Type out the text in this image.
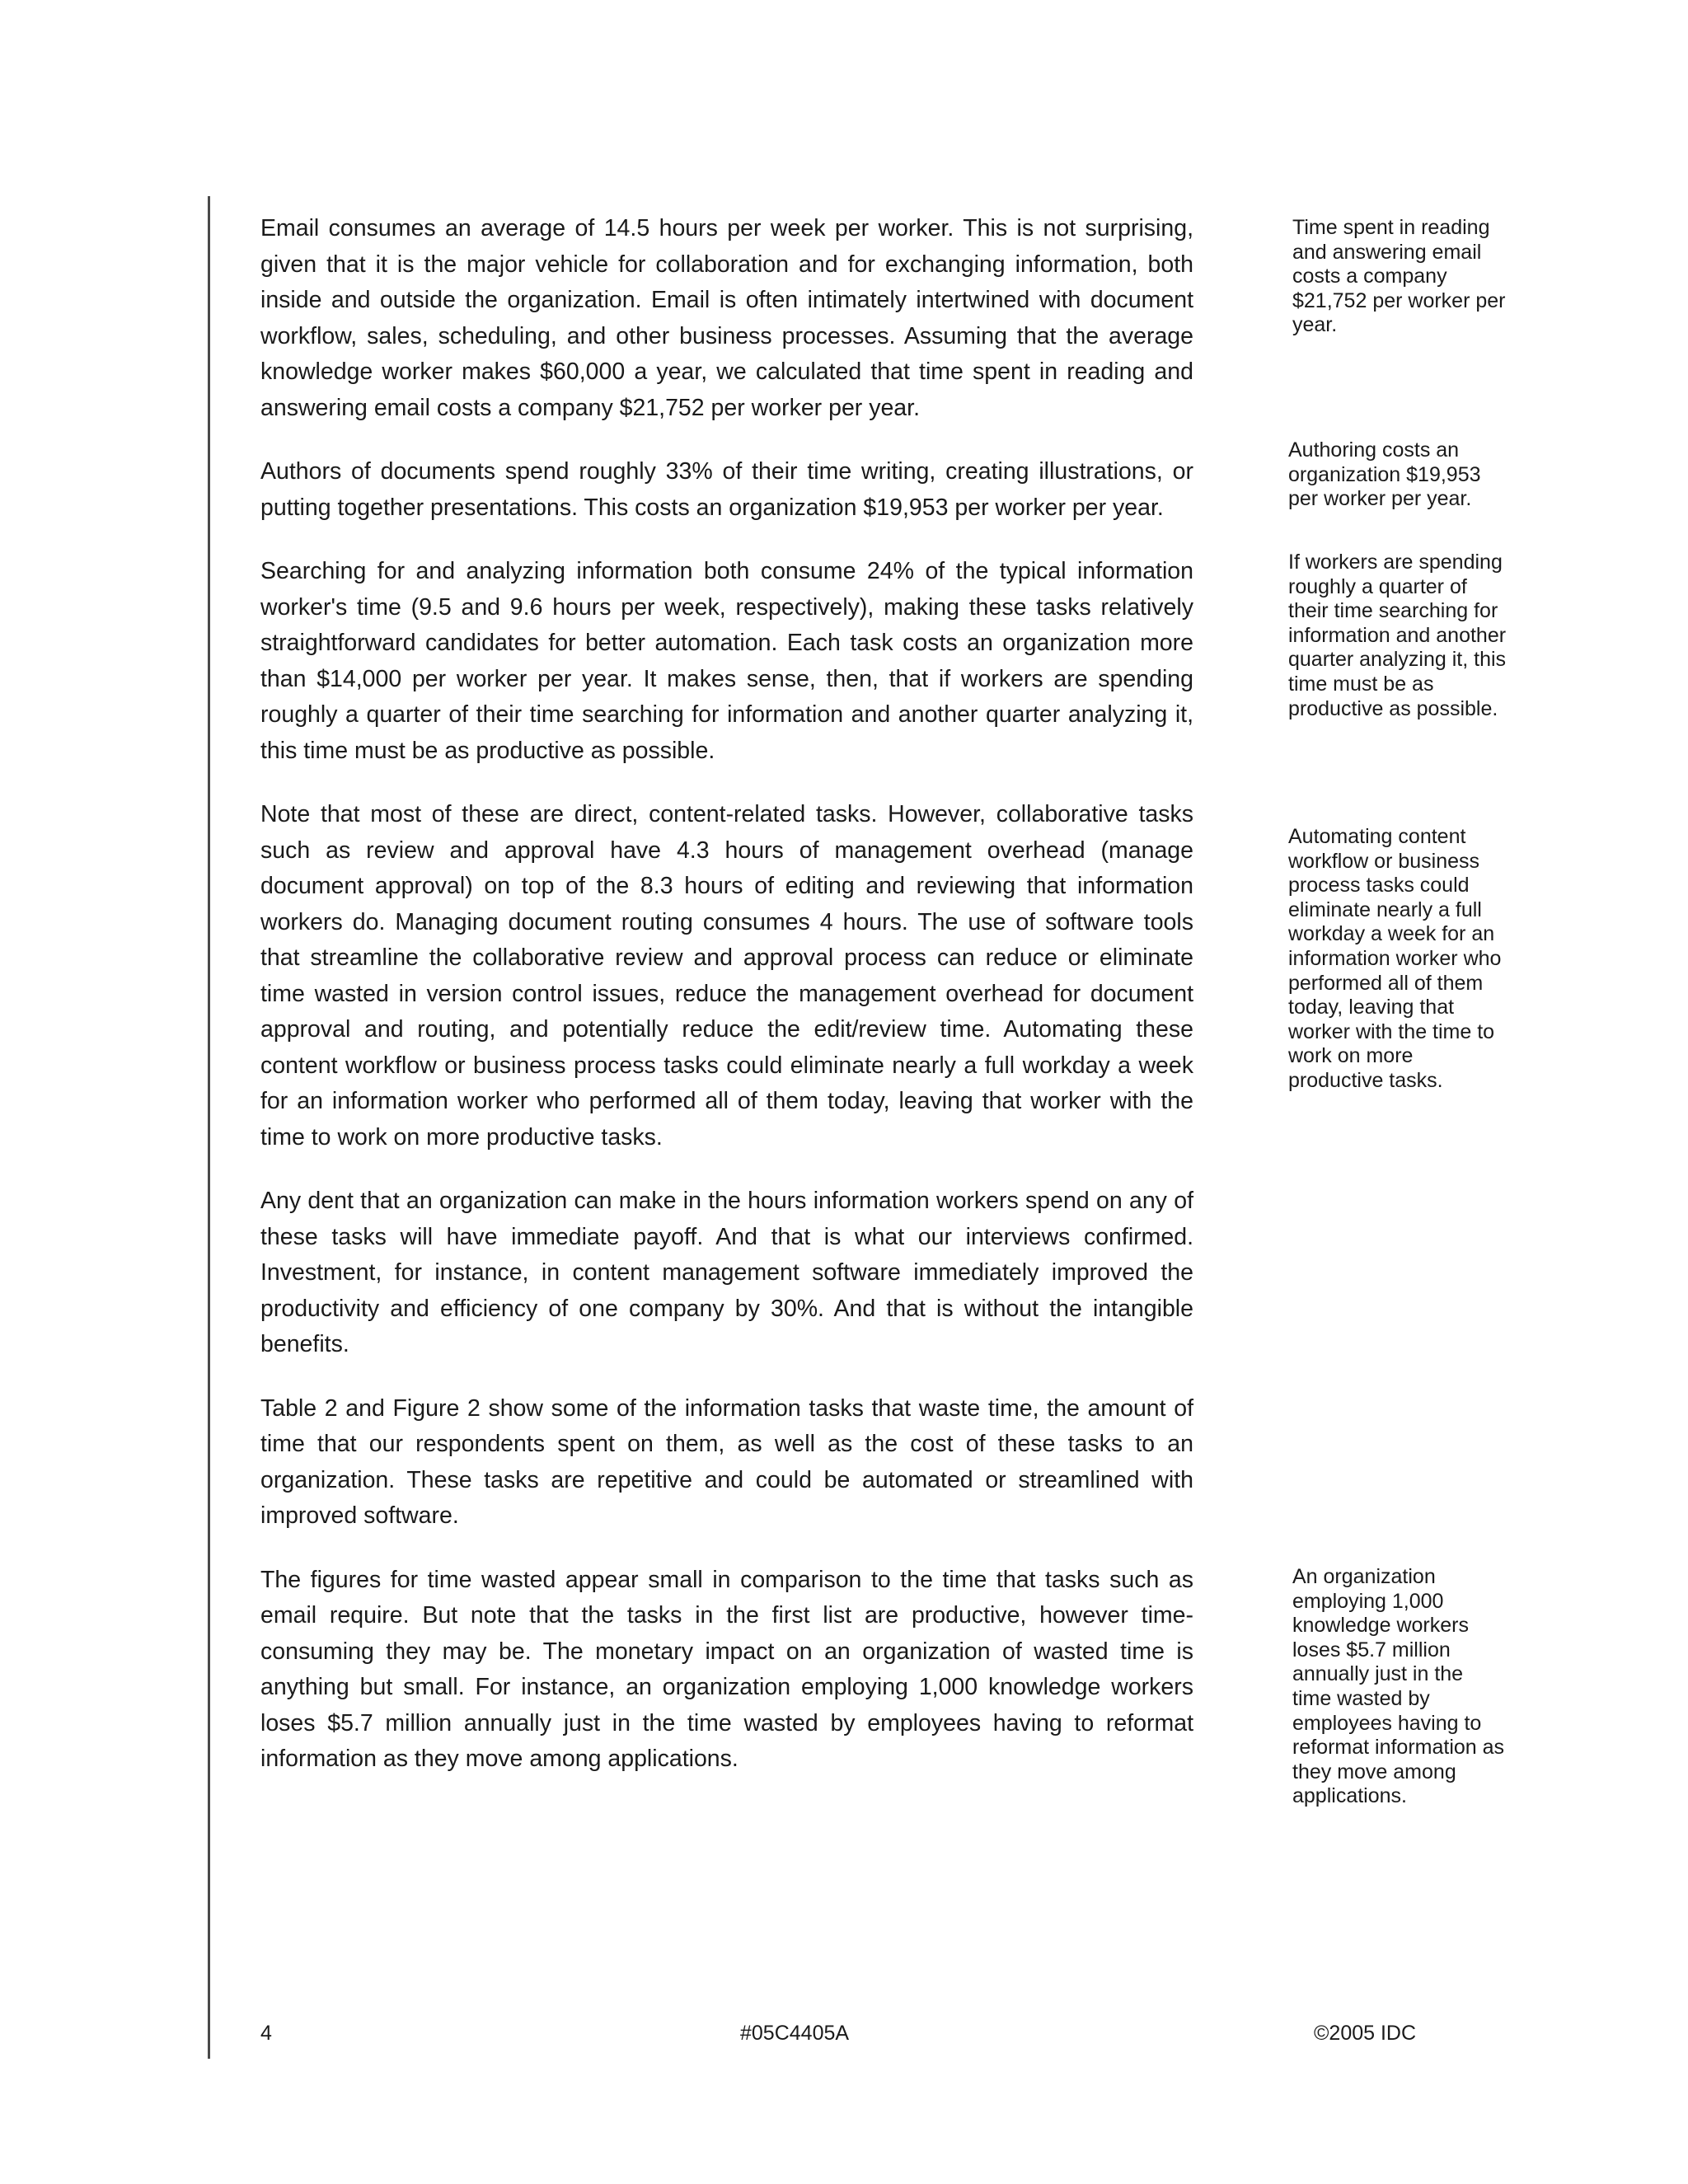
Email consumes an average of 14.5 hours per week per worker. This is not surprising, given that it is the major vehicle for collaboration and for exchanging information, both inside and outside the organization. Email is often intimately intertwined with document workflow, sales, scheduling, and other business processes. Assuming that the average knowledge worker makes $60,000 a year, we calculated that time spent in reading and answering email costs a company $21,752 per worker per year.

Authors of documents spend roughly 33% of their time writing, creating illustrations, or putting together presentations. This costs an organization $19,953 per worker per year.

Searching for and analyzing information both consume 24% of the typical information worker's time (9.5 and 9.6 hours per week, respectively), making these tasks relatively straightforward candidates for better automation. Each task costs an organization more than $14,000 per worker per year. It makes sense, then, that if workers are spending roughly a quarter of their time searching for information and another quarter analyzing it, this time must be as productive as possible.

Note that most of these are direct, content-related tasks. However, collaborative tasks such as review and approval have 4.3 hours of management overhead (manage document approval) on top of the 8.3 hours of editing and reviewing that information workers do. Managing document routing consumes 4 hours. The use of software tools that streamline the collaborative review and approval process can reduce or eliminate time wasted in version control issues, reduce the management overhead for document approval and routing, and potentially reduce the edit/review time. Automating these content workflow or business process tasks could eliminate nearly a full workday a week for an information worker who performed all of them today, leaving that worker with the time to work on more productive tasks.

Any dent that an organization can make in the hours information workers spend on any of these tasks will have immediate payoff. And that is what our interviews confirmed. Investment, for instance, in content management software immediately improved the productivity and efficiency of one company by 30%. And that is without the intangible benefits.

Table 2 and Figure 2 show some of the information tasks that waste time, the amount of time that our respondents spent on them, as well as the cost of these tasks to an organization. These tasks are repetitive and could be automated or streamlined with improved software.

The figures for time wasted appear small in comparison to the time that tasks such as email require. But note that the tasks in the first list are productive, however time-consuming they may be. The monetary impact on an organization of wasted time is anything but small. For instance, an organization employing 1,000 knowledge workers loses $5.7 million annually just in the time wasted by employees having to reformat information as they move among applications.

Time spent in reading and answering email costs a company $21,752 per worker per year.

Authoring costs an organization $19,953 per worker per year.

If workers are spending roughly a quarter of their time searching for information and another quarter analyzing it, this time must be as productive as possible.

Automating content workflow or business process tasks could eliminate nearly a full workday a week for an information worker who performed all of them today, leaving that worker with the time to work on more productive tasks.

An organization employing 1,000 knowledge workers loses $5.7 million annually just in the time wasted by employees having to reformat information as they move among applications.

4	#05C4405A	©2005 IDC
